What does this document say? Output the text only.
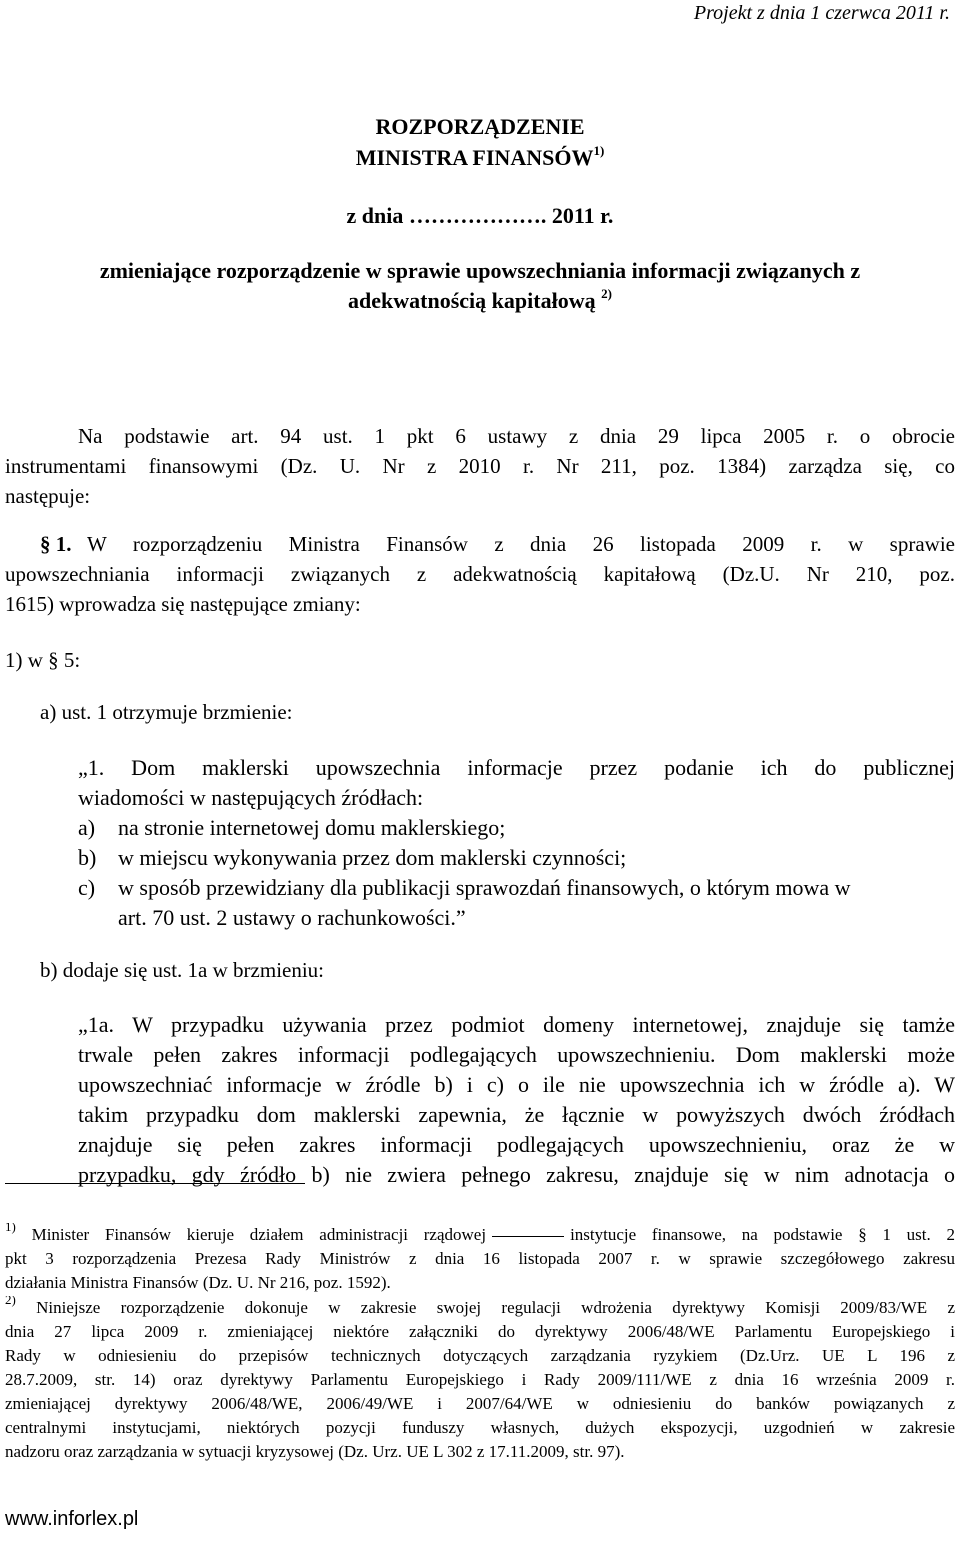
Projekt z dnia 1 czerwca 2011 r.
ROZPORZĄDZENIE
MINISTRA FINANSÓW$^{1)}$
z dnia ………………. 2011 r.
zmieniające rozporządzenie w sprawie upowszechniania informacji związanych z
adekwatnością kapitałową $^{2)}$
Na podstawie art. 94 ust. 1 pkt 6 ustawy z dnia 29 lipca 2005 r. o obrocie
instrumentami finansowymi (Dz. U. Nr z 2010 r. Nr 211, poz. 1384) zarządza się, co
następuje:
§ 1. W rozporządzeniu Ministra Finansów z dnia 26 listopada 2009 r. w sprawie
upowszechniania informacji związanych z adekwatnością kapitałową (Dz.U. Nr 210, poz.
1615) wprowadza się następujące zmiany:
1) w § 5:
a) ust. 1 otrzymuje brzmienie:
„1. Dom maklerski upowszechnia informacje przez podanie ich do publicznej
wiadomości w następujących źródłach:
a) na stronie internetowej domu maklerskiego;
b) w miejscu wykonywania przez dom maklerski czynności;
c) w sposób przewidziany dla publikacji sprawozdań finansowych, o którym mowa w
art. 70 ust. 2 ustawy o rachunkowości.”
b) dodaje się ust. 1a w brzmieniu:
„1a. W przypadku używania przez podmiot domeny internetowej, znajduje się tamże
trwale pełen zakres informacji podlegających upowszechnieniu. Dom maklerski może
upowszechniać informacje w źródle b) i c) o ile nie upowszechnia ich w źródle a). W
takim przypadku dom maklerski zapewnia, że łącznie w powyższych dwóch źródłach
znajduje się pełen zakres informacji podlegających upowszechnieniu, oraz że w
przypadku, gdy źródło b) nie zwiera pełnego zakresu, znajduje się w nim adnotacja o
$^{1)}$ Minister Finansów kieruje działem administracji rządowej	instytucje finansowe, na podstawie § 1 ust. 2
pkt 3 rozporządzenia Prezesa Rady Ministrów z dnia 16 listopada 2007 r. w sprawie szczegółowego zakresu
działania Ministra Finansów (Dz. U. Nr 216, poz. 1592).
$^{2)}$ Niniejsze rozporządzenie dokonuje w zakresie swojej regulacji wdrożenia dyrektywy Komisji 2009/83/WE z
dnia 27 lipca 2009 r. zmieniającej niektóre załączniki do dyrektywy 2006/48/WE Parlamentu Europejskiego i
Rady w odniesieniu do przepisów technicznych dotyczących zarządzania ryzykiem (Dz.Urz. UE L 196 z
28.7.2009, str. 14) oraz dyrektywy Parlamentu Europejskiego i Rady 2009/111/WE z dnia 16 września 2009 r.
zmieniającej dyrektywy 2006/48/WE, 2006/49/WE i 2007/64/WE w odniesieniu do banków powiązanych z
centralnymi instytucjami, niektórych pozycji funduszy własnych, dużych ekspozycji, uzgodnień w zakresie
nadzoru oraz zarządzania w sytuacji kryzysowej (Dz. Urz. UE L 302 z 17.11.2009, str. 97).
www.inforlex.pl
